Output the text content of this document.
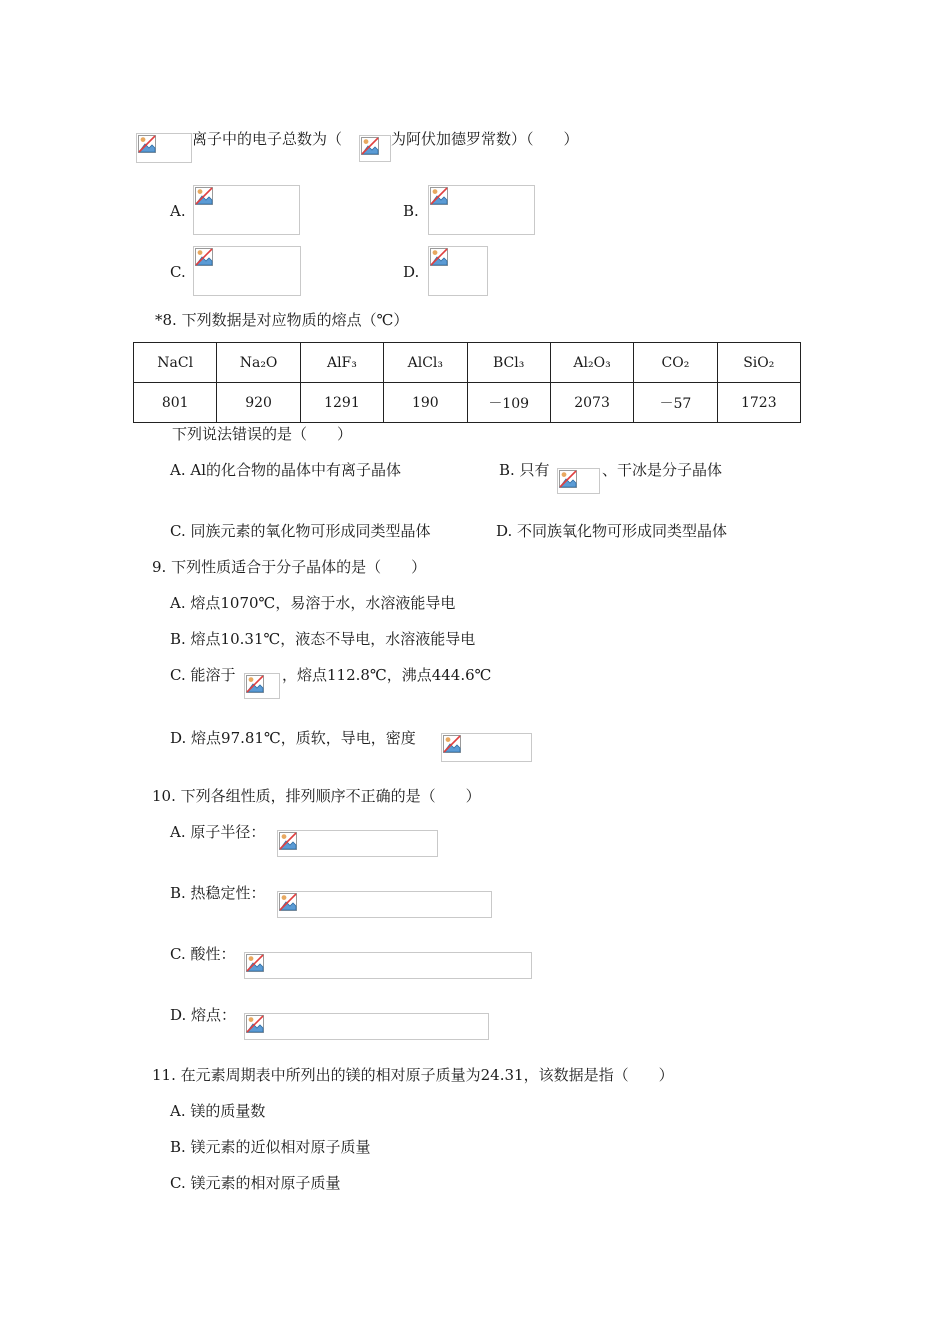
离子中的电子总数为（	为阿伏加德罗常数）（　　）
A.	B.
C.	D.
*8. 下列数据是对应物质的熔点（℃）
NaCl	Na₂O	AlF₃	AlCl₃	BCl₃	Al₂O₃	CO₂	SiO₂
801	920	1291	190	－109	2073	－57	1723
下列说法错误的是（　　）
A. Al的化合物的晶体中有离子晶体	B. 只有	、干冰是分子晶体
C. 同族元素的氧化物可形成同类型晶体	D. 不同族氧化物可形成同类型晶体
9. 下列性质适合于分子晶体的是（　　）
A. 熔点1070℃，易溶于水，水溶液能导电
B. 熔点10.31℃，液态不导电，水溶液能导电
C. 能溶于	，熔点112.8℃，沸点444.6℃
D. 熔点97.81℃，质软，导电，密度
10. 下列各组性质，排列顺序不正确的是（　　）
A. 原子半径：
B. 热稳定性：
C. 酸性：
D. 熔点：
11. 在元素周期表中所列出的镁的相对原子质量为24.31，该数据是指（　　）
A. 镁的质量数
B. 镁元素的近似相对原子质量
C. 镁元素的相对原子质量
